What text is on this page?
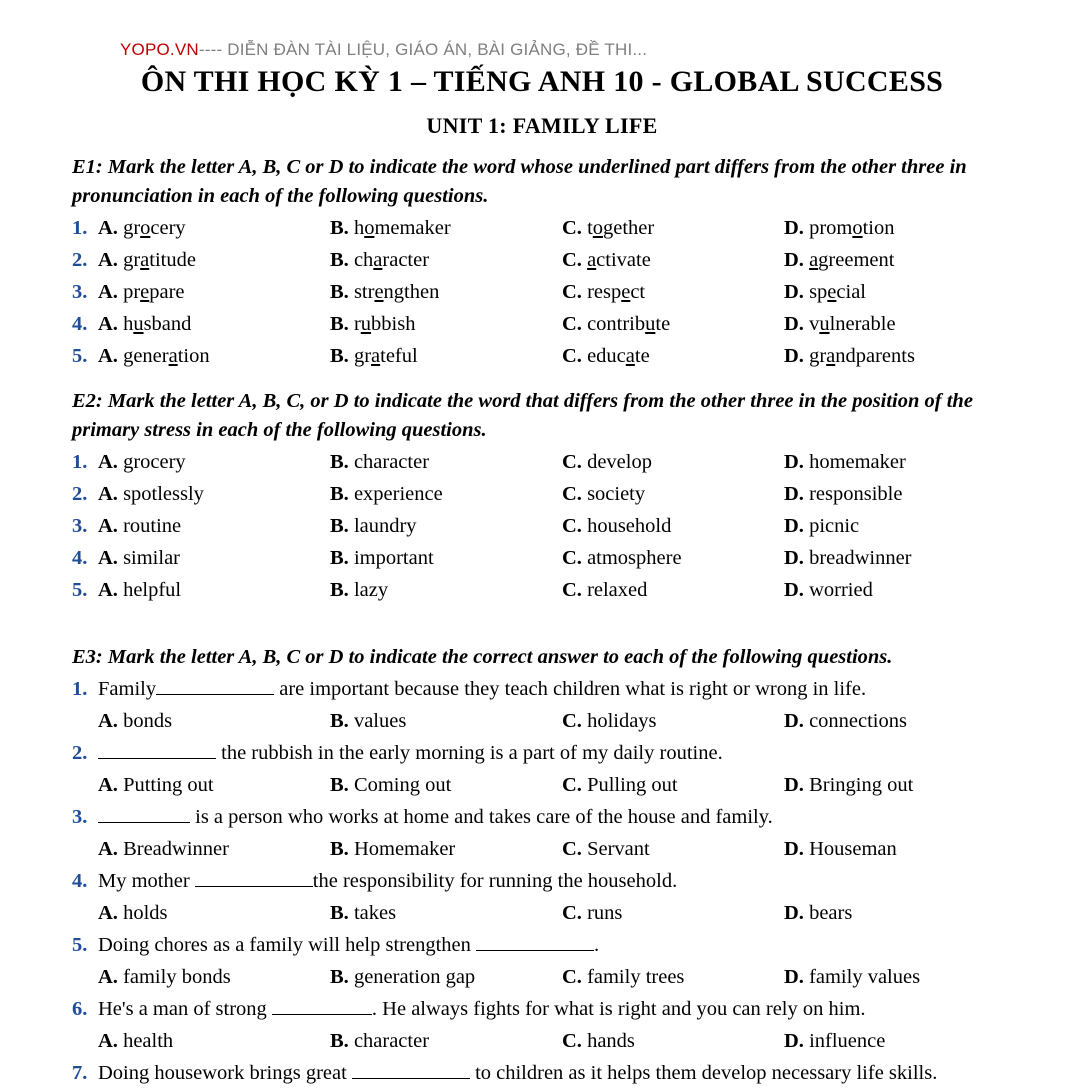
YOPO.VN---- DIỄN ĐÀN TÀI LIỆU, GIÁO ÁN, BÀI GIẢNG, ĐỀ THI...
ÔN THI HỌC KỲ 1 – TIẾNG ANH 10 - GLOBAL SUCCESS
UNIT 1: FAMILY LIFE
E1: Mark the letter A, B, C or D to indicate the word whose underlined part differs from the other three in pronunciation in each of the following questions.
1. A. grocery	B. homemaker	C. together	D. promotion
2. A. gratitude	B. character	C. activate	D. agreement
3. A. prepare	B. strengthen	C. respect	D. special
4. A. husband	B. rubbish	C. contribute	D. vulnerable
5. A. generation	B. grateful	C. educate	D. grandparents
E2: Mark the letter A, B, C, or D to indicate the word that differs from the other three in the position of the primary stress in each of the following questions.
1. A. grocery	B. character	C. develop	D. homemaker
2. A. spotlessly	B. experience	C. society	D. responsible
3. A. routine	B. laundry	C. household	D. picnic
4. A. similar	B. important	C. atmosphere	D. breadwinner
5. A. helpful	B. lazy	C. relaxed	D. worried
E3: Mark the letter A, B, C or D to indicate the correct answer to each of the following questions.
1. Family	are important because they teach children what is right or wrong in life.
A. bonds	B. values	C. holidays	D. connections
2.	the rubbish in the early morning is a part of my daily routine.
A. Putting out	B. Coming out	C. Pulling out	D. Bringing out
3.	is a person who works at home and takes care of the house and family.
A. Breadwinner	B. Homemaker	C. Servant	D. Houseman
4. My mother	the responsibility for running the household.
A. holds	B. takes	C. runs	D. bears
5. Doing chores as a family will help strengthen	.
A. family bonds	B. generation gap	C. family trees	D. family values
6. He's a man of strong	. He always fights for what is right and you can rely on him.
A. health	B. character	C. hands	D. influence
7. Doing housework brings great	to children as it helps them develop necessary life skills.
